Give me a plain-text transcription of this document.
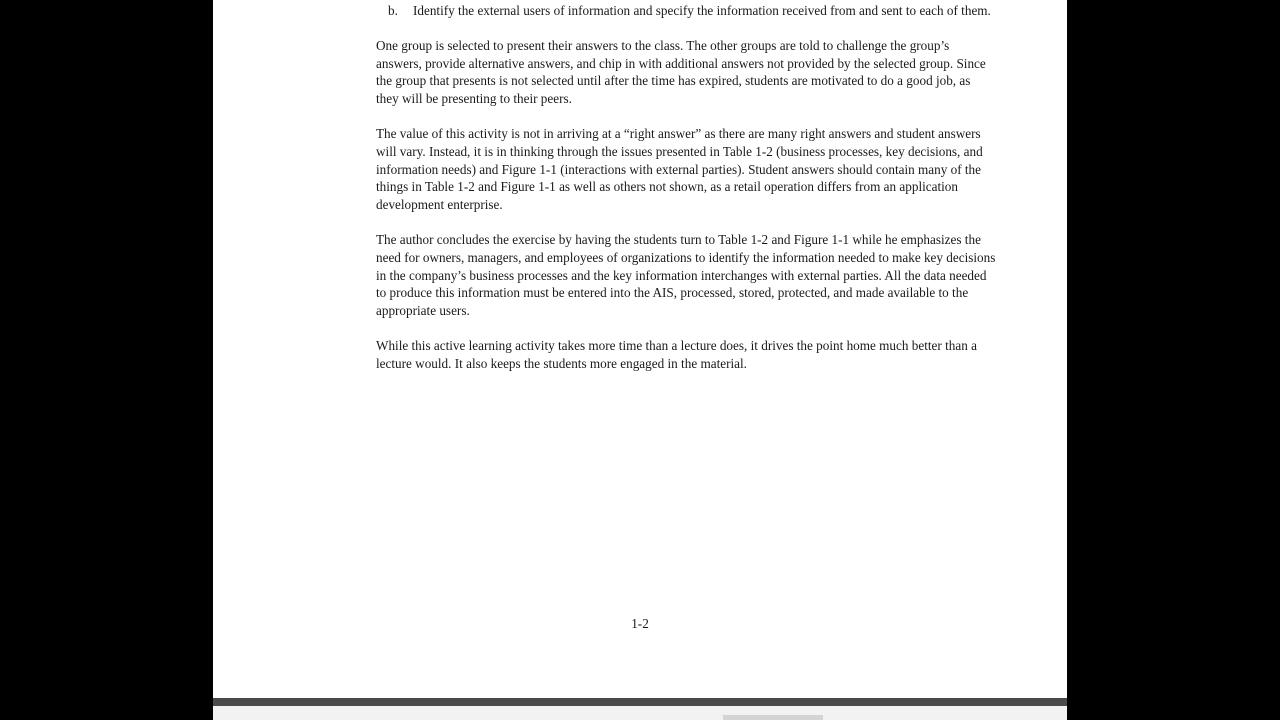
b. Identify the external users of information and specify the information received from and sent to each of them.

One group is selected to present their answers to the class. The other groups are told to challenge the group’s answers, provide alternative answers, and chip in with additional answers not provided by the selected group. Since the group that presents is not selected until after the time has expired, students are motivated to do a good job, as they will be presenting to their peers.

The value of this activity is not in arriving at a “right answer” as there are many right answers and student answers will vary. Instead, it is in thinking through the issues presented in Table 1-2 (business processes, key decisions, and information needs) and Figure 1-1 (interactions with external parties). Student answers should contain many of the things in Table 1-2 and Figure 1-1 as well as others not shown, as a retail operation differs from an application development enterprise.

The author concludes the exercise by having the students turn to Table 1-2 and Figure 1-1 while he emphasizes the need for owners, managers, and employees of organizations to identify the information needed to make key decisions in the company’s business processes and the key information interchanges with external parties. All the data needed to produce this information must be entered into the AIS, processed, stored, protected, and made available to the appropriate users.

While this active learning activity takes more time than a lecture does, it drives the point home much better than a lecture would. It also keeps the students more engaged in the material.

1-2
